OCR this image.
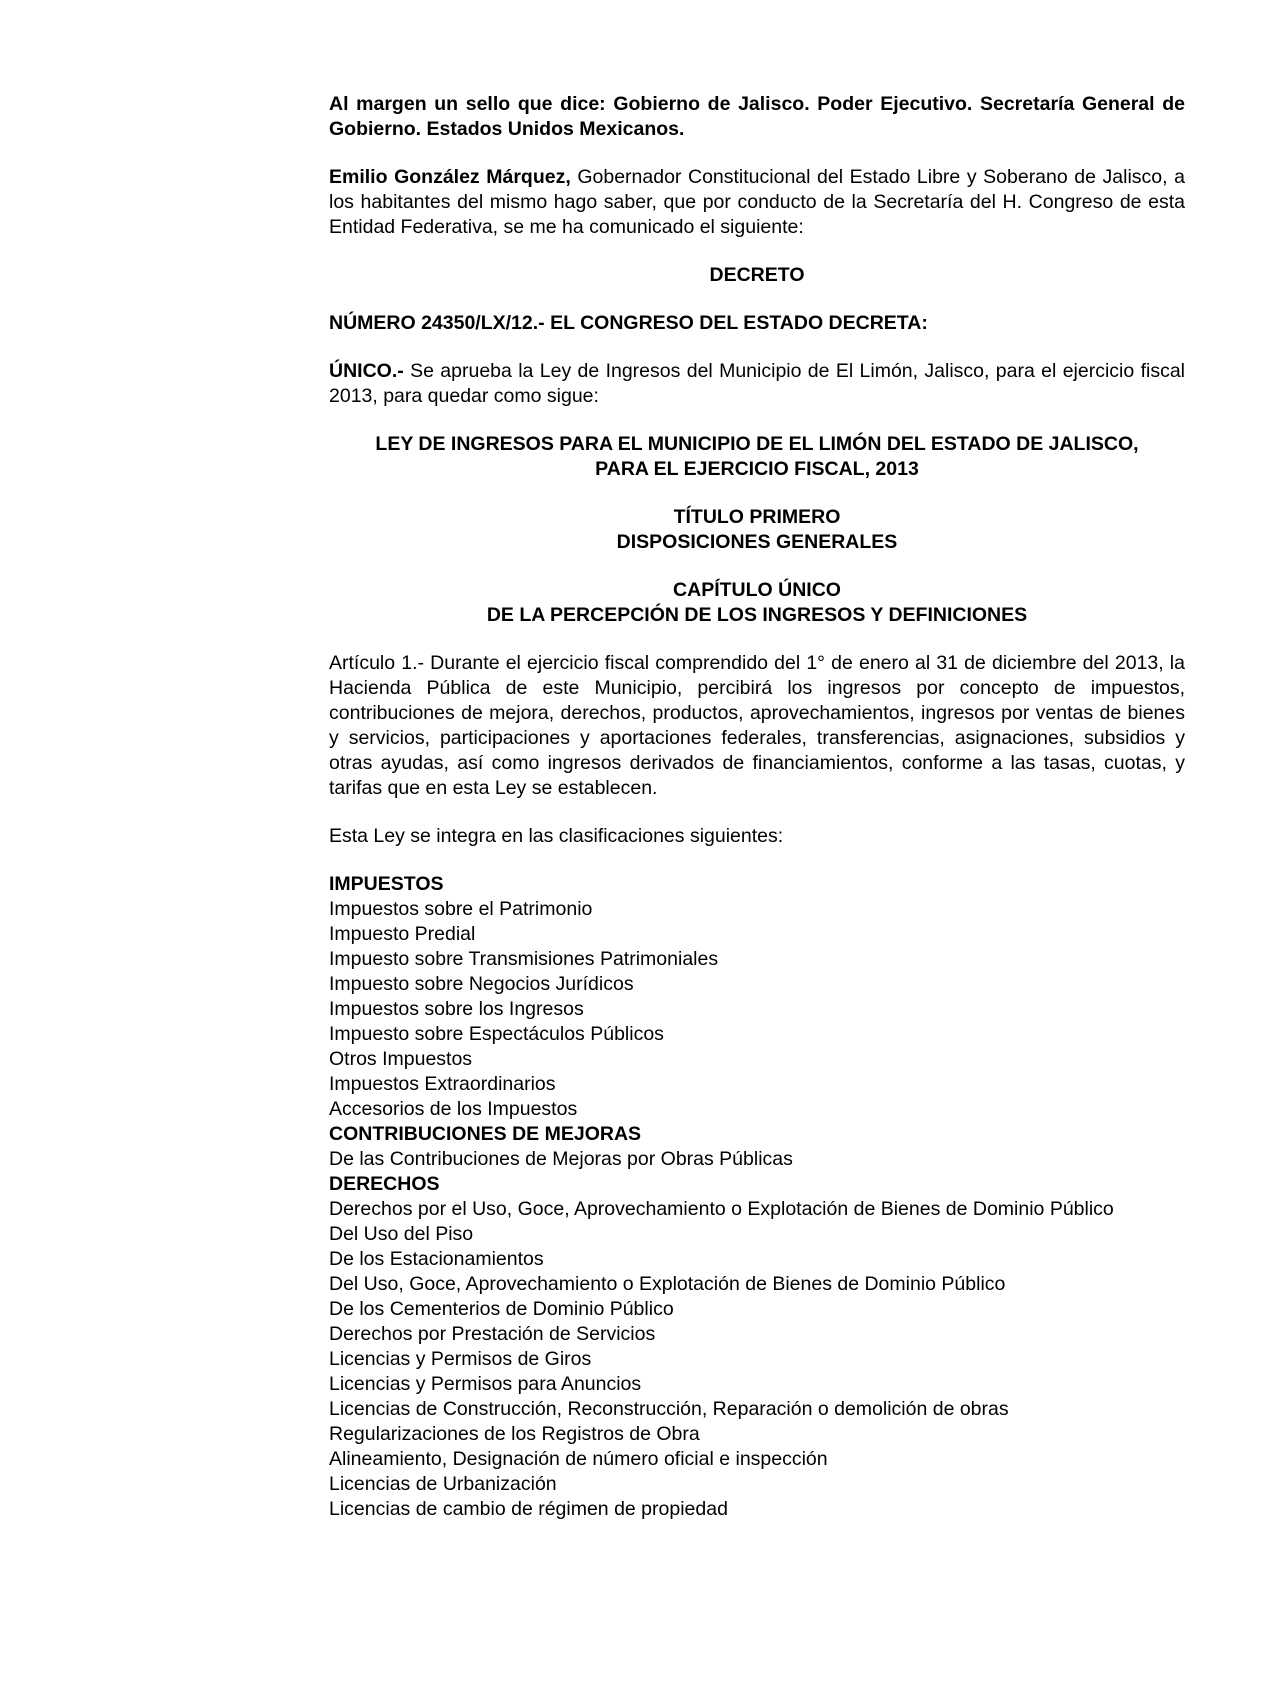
Al margen un sello que dice: Gobierno de Jalisco. Poder Ejecutivo. Secretaría General de Gobierno. Estados Unidos Mexicanos.

Emilio González Márquez, Gobernador Constitucional del Estado Libre y Soberano de Jalisco, a los habitantes del mismo hago saber, que por conducto de la Secretaría del H. Congreso de esta Entidad Federativa, se me ha comunicado el siguiente:

DECRETO

NÚMERO 24350/LX/12.- EL CONGRESO DEL ESTADO DECRETA:

ÚNICO.- Se aprueba la Ley de Ingresos del Municipio de El Limón, Jalisco, para el ejercicio fiscal 2013, para quedar como sigue:

LEY DE INGRESOS PARA EL MUNICIPIO DE EL LIMÓN DEL ESTADO DE JALISCO,

PARA EL EJERCICIO FISCAL, 2013

TÍTULO PRIMERO

DISPOSICIONES GENERALES

CAPÍTULO ÚNICO

DE LA PERCEPCIÓN DE LOS INGRESOS Y DEFINICIONES

Artículo 1.- Durante el ejercicio fiscal comprendido del 1° de enero al 31 de diciembre del 2013, la Hacienda Pública de este Municipio, percibirá los ingresos por concepto de impuestos, contribuciones de mejora, derechos, productos, aprovechamientos, ingresos por ventas de bienes y servicios, participaciones y aportaciones federales, transferencias, asignaciones, subsidios y otras ayudas, así como ingresos derivados de financiamientos, conforme a las tasas, cuotas, y tarifas que en esta Ley se establecen.

Esta Ley se integra en las clasificaciones siguientes:

IMPUESTOS

Impuestos sobre el Patrimonio

Impuesto Predial

Impuesto sobre Transmisiones Patrimoniales

Impuesto sobre Negocios Jurídicos

Impuestos sobre los Ingresos

Impuesto sobre Espectáculos Públicos

Otros Impuestos

Impuestos Extraordinarios

Accesorios de los Impuestos

CONTRIBUCIONES DE MEJORAS

De las Contribuciones de Mejoras por Obras Públicas

DERECHOS

Derechos por el Uso, Goce, Aprovechamiento o Explotación de Bienes de Dominio Público

Del Uso del Piso

De los Estacionamientos

Del Uso, Goce, Aprovechamiento o Explotación de Bienes de Dominio Público

De los Cementerios de Dominio Público

Derechos por Prestación de Servicios

Licencias y Permisos de Giros

Licencias y Permisos para Anuncios

Licencias de Construcción, Reconstrucción, Reparación o demolición de obras

Regularizaciones de los Registros de Obra

Alineamiento, Designación de número oficial e inspección

Licencias de Urbanización

Licencias de cambio de régimen de propiedad
